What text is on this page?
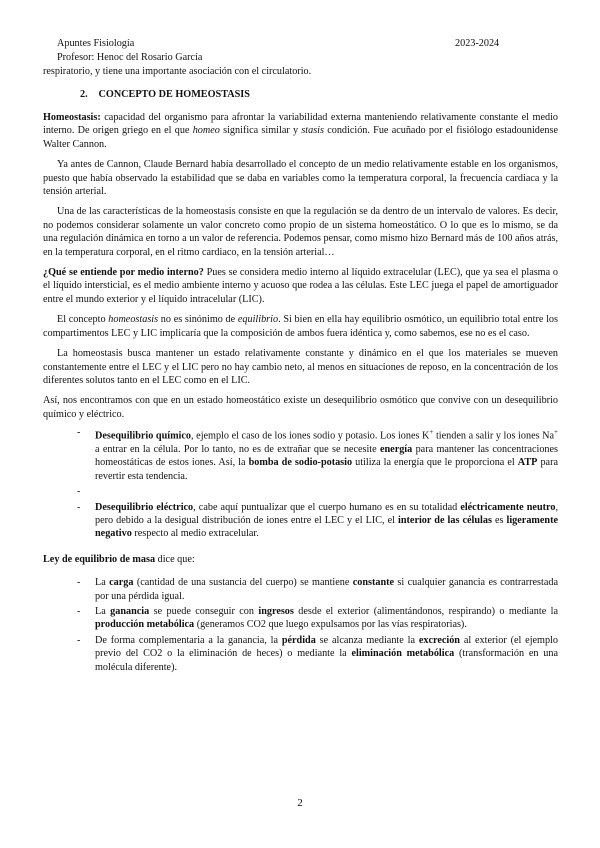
Apuntes Fisiología	2023-2024
Profesor: Henoc del Rosario García
respiratorio, y tiene una importante asociación con el circulatorio.
2. CONCEPTO DE HOMEOSTASIS

Homeostasis: capacidad del organismo para afrontar la variabilidad externa manteniendo relativamente constante el medio interno. De origen griego en el que homeo significa similar y stasis condición. Fue acuñado por el fisiólogo estadounidense Walter Cannon.

Ya antes de Cannon, Claude Bernard había desarrollado el concepto de un medio relativamente estable en los organismos, puesto que había observado la estabilidad que se daba en variables como la temperatura corporal, la frecuencia cardiaca y la tensión arterial.

Una de las características de la homeostasis consiste en que la regulación se da dentro de un intervalo de valores. Es decir, no podemos considerar solamente un valor concreto como propio de un sistema homeostático. O lo que es lo mismo, se da una regulación dinámica en torno a un valor de referencia. Podemos pensar, como mismo hizo Bernard más de 100 años atrás, en la temperatura corporal, en el ritmo cardiaco, en la tensión arterial…

¿Qué se entiende por medio interno? Pues se considera medio interno al líquido extracelular (LEC), que ya sea el plasma o el líquido intersticial, es el medio ambiente interno y acuoso que rodea a las células. Este LEC juega el papel de amortiguador entre el mundo exterior y el líquido intracelular (LIC).

El concepto homeostasis no es sinónimo de equilibrio. Si bien en ella hay equilibrio osmótico, un equilibrio total entre los compartimentos LEC y LIC implicaría que la composición de ambos fuera idéntica y, como sabemos, ese no es el caso.

La homeostasis busca mantener un estado relativamente constante y dinámico en el que los materiales se mueven constantemente entre el LEC y el LIC pero no hay cambio neto, al menos en situaciones de reposo, en la concentración de los diferentes solutos tanto en el LEC como en el LIC.

Así, nos encontramos con que en un estado homeostático existe un desequilibrio osmótico que convive con un desequilibrio químico y eléctrico.

- Desequilibrio químico, ejemplo el caso de los iones sodio y potasio. Los iones K+ tienden a salir y los iones Na+ a entrar en la célula. Por lo tanto, no es de extrañar que se necesite energía para mantener las concentraciones homeostáticas de estos iones. Así, la bomba de sodio-potasio utiliza la energía que le proporciona el ATP para revertir esta tendencia.
-

- Desequilibrio eléctrico, cabe aquí puntualizar que el cuerpo humano es en su totalidad eléctricamente neutro, pero debido a la desigual distribución de iones entre el LEC y el LIC, el interior de las células es ligeramente negativo respecto al medio extracelular.

Ley de equilibrio de masa dice que:

- La carga (cantidad de una sustancia del cuerpo) se mantiene constante si cualquier ganancia es contrarrestada por una pérdida igual.
- La ganancia se puede conseguir con ingresos desde el exterior (alimentándonos, respirando) o mediante la producción metabólica (generamos CO2 que luego expulsamos por las vías respiratorias).
- De forma complementaria a la ganancia, la pérdida se alcanza mediante la excreción al exterior (el ejemplo previo del CO2 o la eliminación de heces) o mediante la eliminación metabólica (transformación en una molécula diferente).
2
